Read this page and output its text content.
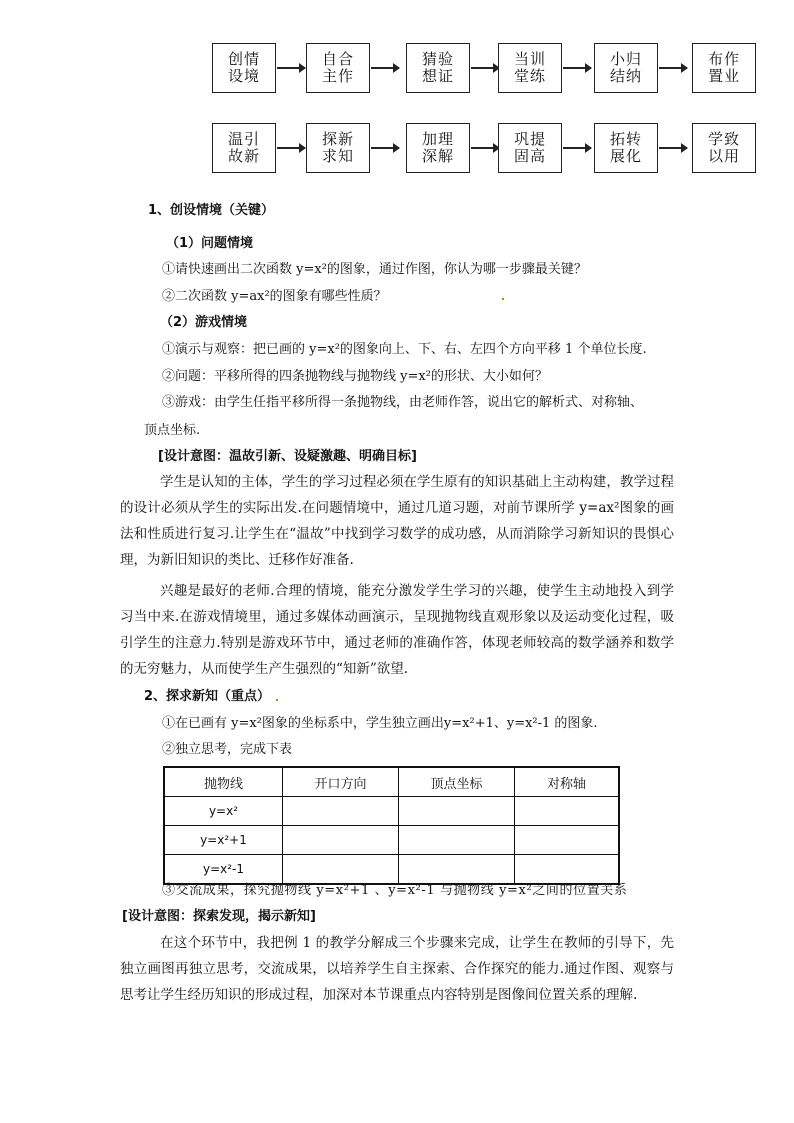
创情设境
自合主作
猜验想证
当训堂练
小归结纳
布作置业
温引故新
探新求知
加理深解
巩提固高
拓转展化
学致以用
1、创设情境（关键）
（1）问题情境
①请快速画出二次函数 y=x²的图象，通过作图，你认为哪一步骤最关键？
②二次函数 y=ax²的图象有哪些性质？
（2）游戏情境
①演示与观察：把已画的 y=x²的图象向上、下、右、左四个方向平移 1 个单位长度.
②问题：平移所得的四条抛物线与抛物线 y=x²的形状、大小如何？
③游戏：由学生任指平移所得一条抛物线，由老师作答，说出它的解析式、对称轴、
顶点坐标.
[设计意图：温故引新、设疑激趣、明确目标]
学生是认知的主体，学生的学习过程必须在学生原有的知识基础上主动构建，教学过程的设计必须从学生的实际出发.在问题情境中，通过几道习题，对前节课所学 y=ax²图象的画法和性质进行复习.让学生在“温故”中找到学习数学的成功感，从而消除学习新知识的畏惧心理，为新旧知识的类比、迁移作好准备.
兴趣是最好的老师.合理的情境，能充分激发学生学习的兴趣，使学生主动地投入到学习当中来.在游戏情境里，通过多媒体动画演示，呈现抛物线直观形象以及运动变化过程，吸引学生的注意力.特别是游戏环节中，通过老师的准确作答，体现老师较高的数学涵养和数学的无穷魅力，从而使学生产生强烈的“知新”欲望.
2、探求新知（重点）
①在已画有 y=x²图象的坐标系中，学生独立画出y=x²+1、y=x²-1 的图象.
②独立思考，完成下表
抛物线	开口方向	顶点坐标	对称轴
y=x²			
y=x²+1			
y=x²-1			
③交流成果，探究抛物线 y=x²+1 、y=x²-1 与抛物线 y=x²之间的位置关系
[设计意图：探索发现，揭示新知]
在这个环节中，我把例 1 的教学分解成三个步骤来完成，让学生在教师的引导下，先独立画图再独立思考，交流成果，以培养学生自主探索、合作探究的能力.通过作图、观察与思考让学生经历知识的形成过程，加深对本节课重点内容特别是图像间位置关系的理解.
